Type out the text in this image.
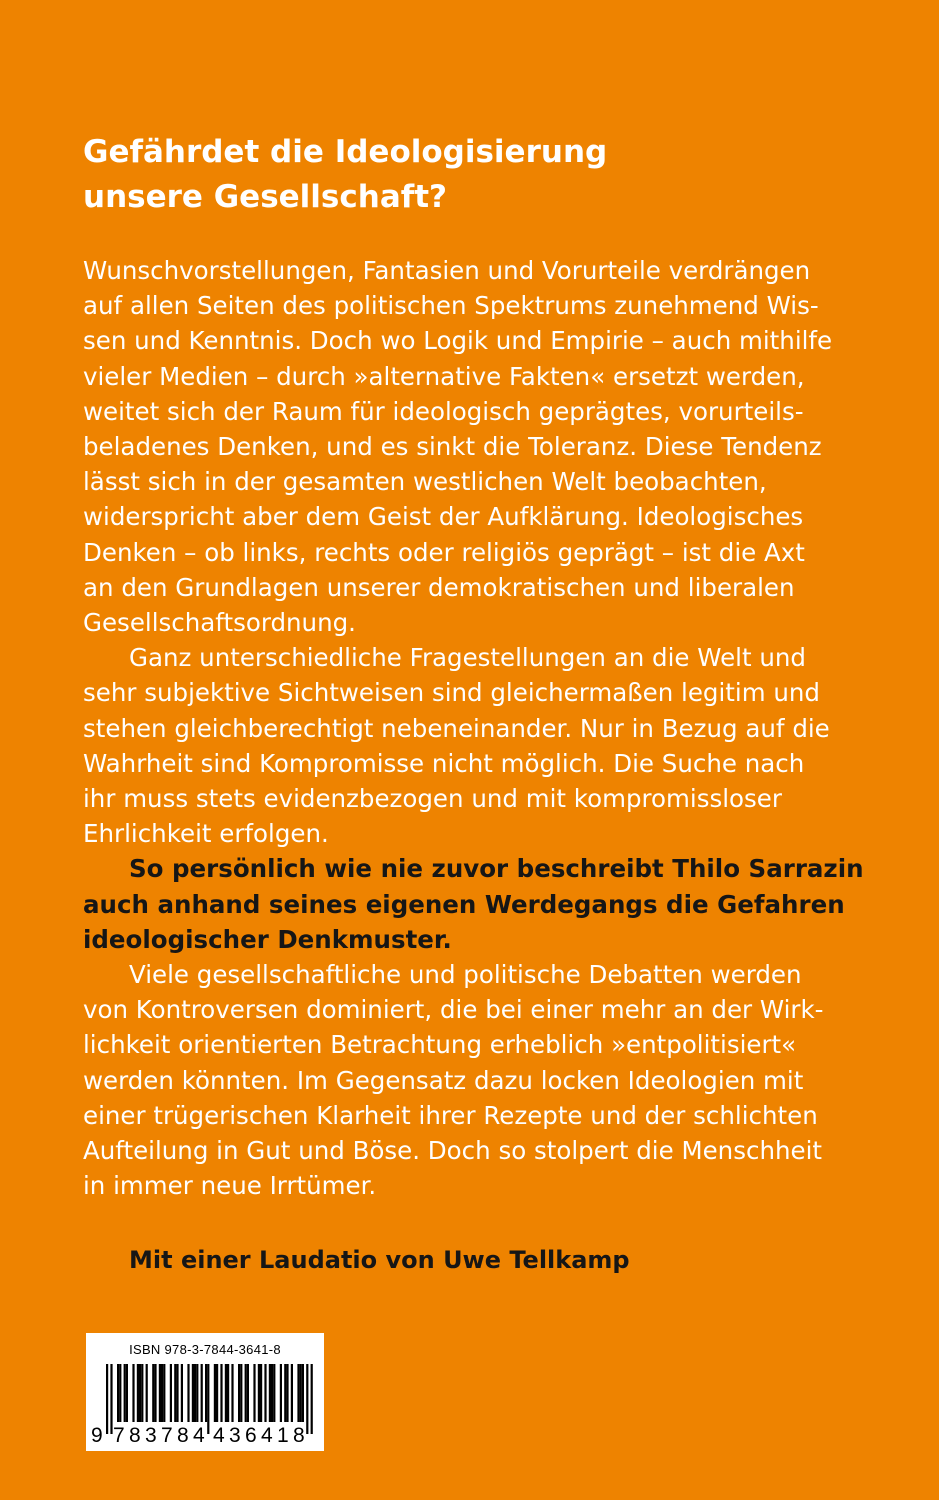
Gefährdet die Ideologisierung
unsere Gesellschaft?
Wunschvorstellungen, Fantasien und Vorurteile verdrängen
auf allen Seiten des politischen Spektrums zunehmend Wis-
sen und Kenntnis. Doch wo Logik und Empirie – auch mithilfe
vieler Medien – durch »alternative Fakten« ersetzt werden,
weitet sich der Raum für ideologisch geprägtes, vorurteils-
beladenes Denken, und es sinkt die Toleranz. Diese Tendenz
lässt sich in der gesamten westlichen Welt beobachten,
widerspricht aber dem Geist der Aufklärung. Ideologisches
Denken – ob links, rechts oder religiös geprägt – ist die Axt
an den Grundlagen unserer demokratischen und liberalen
Gesellschaftsordnung.
Ganz unterschiedliche Fragestellungen an die Welt und
sehr subjektive Sichtweisen sind gleichermaßen legitim und
stehen gleichberechtigt nebeneinander. Nur in Bezug auf die
Wahrheit sind Kompromisse nicht möglich. Die Suche nach
ihr muss stets evidenzbezogen und mit kompromissloser
Ehrlichkeit erfolgen.
So persönlich wie nie zuvor beschreibt Thilo Sarrazin
auch anhand seines eigenen Werdegangs die Gefahren
ideologischer Denkmuster.
Viele gesellschaftliche und politische Debatten werden
von Kontroversen dominiert, die bei einer mehr an der Wirk-
lichkeit orientierten Betrachtung erheblich »entpolitisiert«
werden könnten. Im Gegensatz dazu locken Ideologien mit
einer trügerischen Klarheit ihrer Rezepte und der schlichten
Aufteilung in Gut und Böse. Doch so stolpert die Menschheit
in immer neue Irrtümer.
Mit einer Laudatio von Uwe Tellkamp
ISBN 978-3-7844-3641-8
9 7 8 3 7 8 4 4 3 6 4 1 8
